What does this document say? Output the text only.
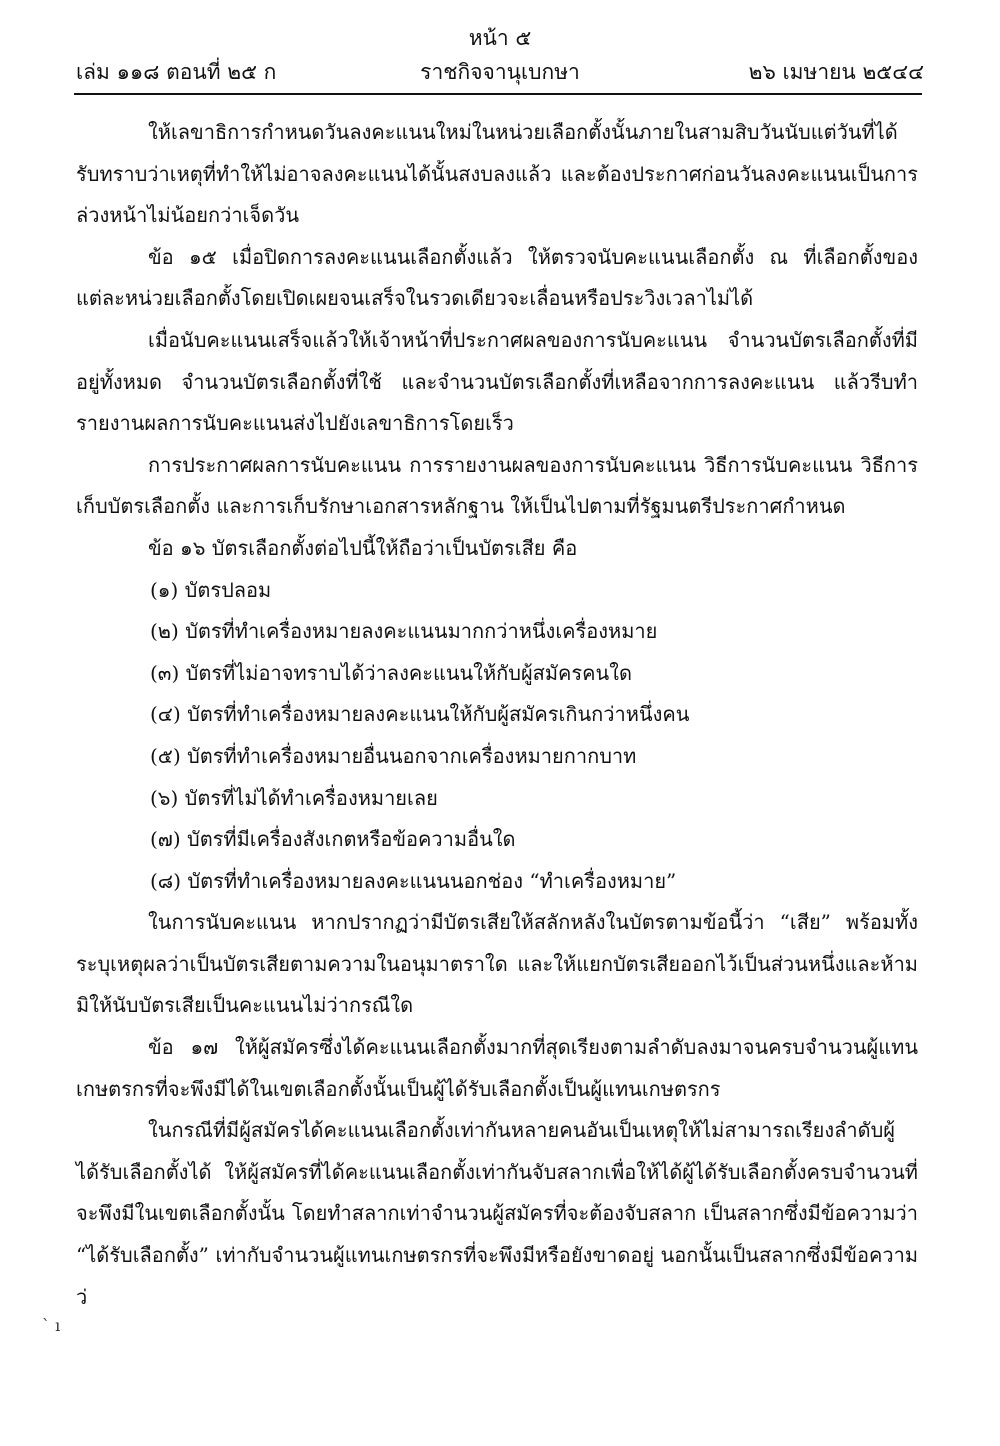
หน้า ๕
เล่ม ๑๑๘ ตอนที่ ๒๕ ก	ราชกิจจานุเบกษา	๒๖ เมษายน ๒๕๔๔

ให้เลขาธิการกำหนดวันลงคะแนนใหม่ในหน่วยเลือกตั้งนั้นภายในสามสิบวันนับแต่วันที่ได้รับทราบว่าเหตุที่ทำให้ไม่อาจลงคะแนนได้นั้นสงบลงแล้ว และต้องประกาศก่อนวันลงคะแนนเป็นการล่วงหน้าไม่น้อยกว่าเจ็ดวัน

ข้อ ๑๕ เมื่อปิดการลงคะแนนเลือกตั้งแล้ว ให้ตรวจนับคะแนนเลือกตั้ง ณ ที่เลือกตั้งของแต่ละหน่วยเลือกตั้งโดยเปิดเผยจนเสร็จในรวดเดียวจะเลื่อนหรือประวิงเวลาไม่ได้

เมื่อนับคะแนนเสร็จแล้วให้เจ้าหน้าที่ประกาศผลของการนับคะแนน จำนวนบัตรเลือกตั้งที่มีอยู่ทั้งหมด จำนวนบัตรเลือกตั้งที่ใช้ และจำนวนบัตรเลือกตั้งที่เหลือจากการลงคะแนน แล้วรีบทำรายงานผลการนับคะแนนส่งไปยังเลขาธิการโดยเร็ว

การประกาศผลการนับคะแนน การรายงานผลของการนับคะแนน วิธีการนับคะแนน วิธีการเก็บบัตรเลือกตั้ง และการเก็บรักษาเอกสารหลักฐาน ให้เป็นไปตามที่รัฐมนตรีประกาศกำหนด

ข้อ ๑๖ บัตรเลือกตั้งต่อไปนี้ให้ถือว่าเป็นบัตรเสีย คือ

(๑) บัตรปลอม

(๒) บัตรที่ทำเครื่องหมายลงคะแนนมากกว่าหนึ่งเครื่องหมาย

(๓) บัตรที่ไม่อาจทราบได้ว่าลงคะแนนให้กับผู้สมัครคนใด

(๔) บัตรที่ทำเครื่องหมายลงคะแนนให้กับผู้สมัครเกินกว่าหนึ่งคน

(๕) บัตรที่ทำเครื่องหมายอื่นนอกจากเครื่องหมายกากบาท

(๖) บัตรที่ไม่ได้ทำเครื่องหมายเลย

(๗) บัตรที่มีเครื่องสังเกตหรือข้อความอื่นใด

(๘) บัตรที่ทำเครื่องหมายลงคะแนนนอกช่อง “ทำเครื่องหมาย”

ในการนับคะแนน หากปรากฏว่ามีบัตรเสียให้สลักหลังในบัตรตามข้อนี้ว่า “เสีย” พร้อมทั้งระบุเหตุผลว่าเป็นบัตรเสียตามความในอนุมาตราใด และให้แยกบัตรเสียออกไว้เป็นส่วนหนึ่งและห้ามมิให้นับบัตรเสียเป็นคะแนนไม่ว่ากรณีใด

ข้อ ๑๗ ให้ผู้สมัครซึ่งได้คะแนนเลือกตั้งมากที่สุดเรียงตามลำดับลงมาจนครบจำนวนผู้แทนเกษตรกรที่จะพึงมีได้ในเขตเลือกตั้งนั้นเป็นผู้ได้รับเลือกตั้งเป็นผู้แทนเกษตรกร

ในกรณีที่มีผู้สมัครได้คะแนนเลือกตั้งเท่ากันหลายคนอันเป็นเหตุให้ไม่สามารถเรียงลำดับผู้ได้รับเลือกตั้งได้ ให้ผู้สมัครที่ได้คะแนนเลือกตั้งเท่ากันจับสลากเพื่อให้ได้ผู้ได้รับเลือกตั้งครบจำนวนที่จะพึงมีในเขตเลือกตั้งนั้น โดยทำสลากเท่าจำนวนผู้สมัครที่จะต้องจับสลาก เป็นสลากซึ่งมีข้อความว่า “ได้รับเลือกตั้ง” เท่ากับจำนวนผู้แทนเกษตรกรที่จะพึงมีหรือยังขาดอยู่ นอกนั้นเป็นสลากซึ่งมีข้อความว่

` ı
